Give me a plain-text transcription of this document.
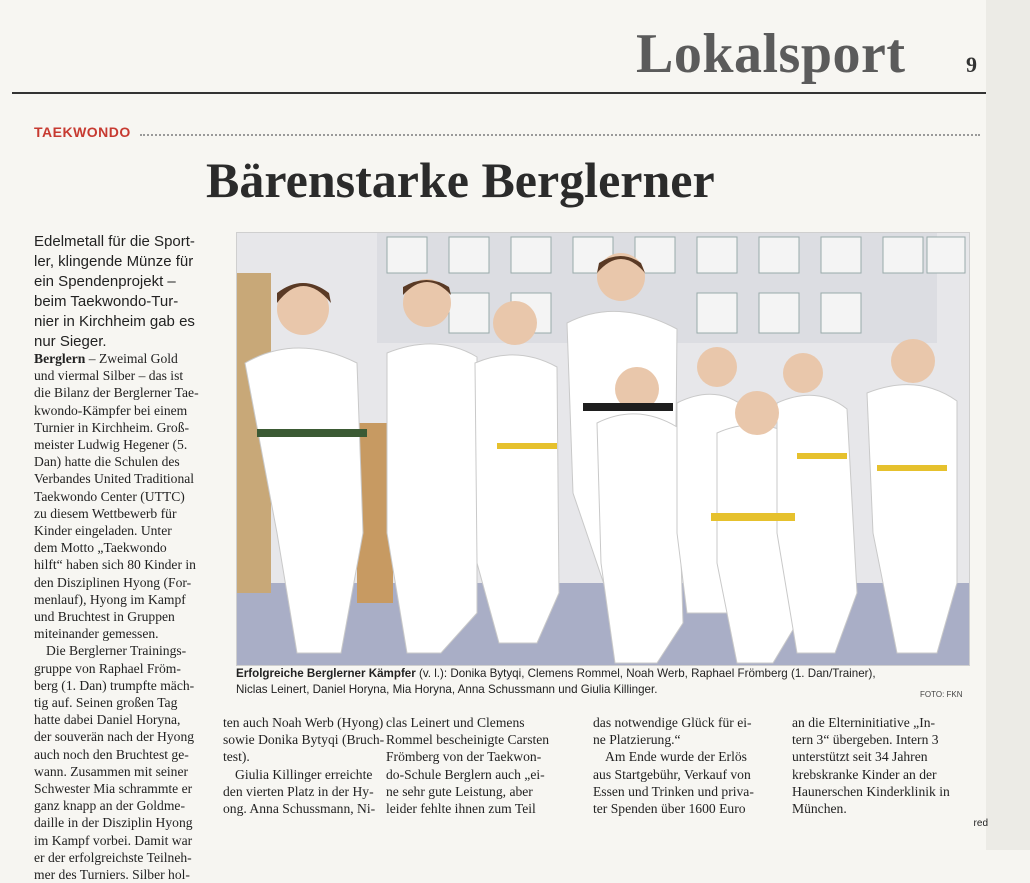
Lokalsport	9
TAEKWONDO
Bärenstarke Berglerner
Edelmetall für die Sport-
ler, klingende Münze für
ein Spendenprojekt –
beim Taekwondo-Tur-
nier in Kirchheim gab es
nur Sieger.
Berglern – Zweimal Gold
und viermal Silber – das ist
die Bilanz der Berglerner Tae-
kwondo-Kämpfer bei einem
Turnier in Kirchheim. Groß-
meister Ludwig Hegener (5.
Dan) hatte die Schulen des
Verbandes United Traditional
Taekwondo Center (UTTC)
zu diesem Wettbewerb für
Kinder eingeladen. Unter
dem Motto „Taekwondo
hilft“ haben sich 80 Kinder in
den Disziplinen Hyong (For-
menlauf), Hyong im Kampf
und Bruchtest in Gruppen
miteinander gemessen.
Die Berglerner Trainings-
gruppe von Raphael Fröm-
berg (1. Dan) trumpfte mäch-
tig auf. Seinen großen Tag
hatte dabei Daniel Horyna,
der souverän nach der Hyong
auch noch den Bruchtest ge-
wann. Zusammen mit seiner
Schwester Mia schrammte er
ganz knapp an der Goldme-
daille in der Disziplin Hyong
im Kampf vorbei. Damit war
er der erfolgreichste Teilneh-
mer des Turniers. Silber hol-
Erfolgreiche Berglerner Kämpfer (v. l.): Donika Bytyqi, Clemens Rommel, Noah Werb, Raphael Frömberg (1. Dan/Trainer),
Niclas Leinert, Daniel Horyna, Mia Horyna, Anna Schussmann und Giulia Killinger.	FOTO: FKN
ten auch Noah Werb (Hyong)
sowie Donika Bytyqi (Bruch-
test).
Giulia Killinger erreichte
den vierten Platz in der Hy-
ong. Anna Schussmann, Ni-
clas Leinert und Clemens
Rommel bescheinigte Carsten
Frömberg von der Taekwon-
do-Schule Berglern auch „ei-
ne sehr gute Leistung, aber
leider fehlte ihnen zum Teil
das notwendige Glück für ei-
ne Platzierung.“
Am Ende wurde der Erlös
aus Startgebühr, Verkauf von
Essen und Trinken und priva-
ter Spenden über 1600 Euro
an die Elterninitiative „In-
tern 3“ übergeben. Intern 3
unterstützt seit 34 Jahren
krebskranke Kinder an der
Haunerschen Kinderklinik in
München.
red
